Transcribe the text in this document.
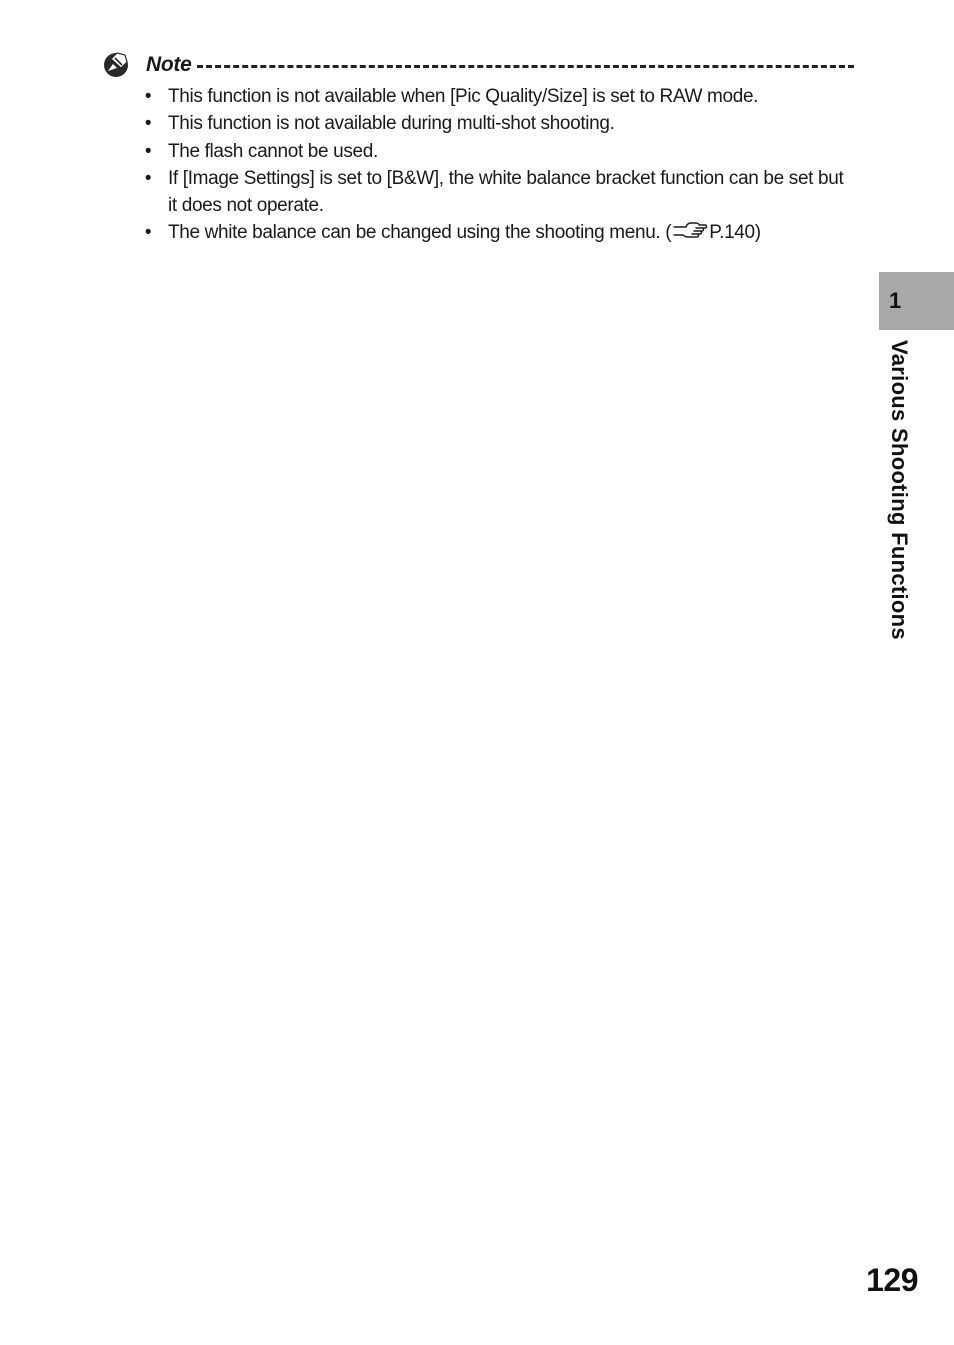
Note
• This function is not available when [Pic Quality/Size] is set to RAW mode.
• This function is not available during multi-shot shooting.
• The flash cannot be used.
• If [Image Settings] is set to [B&W], the white balance bracket function can be set but it does not operate.
• The white balance can be changed using the shooting menu. ( P.140)
1
Various Shooting Functions
129
